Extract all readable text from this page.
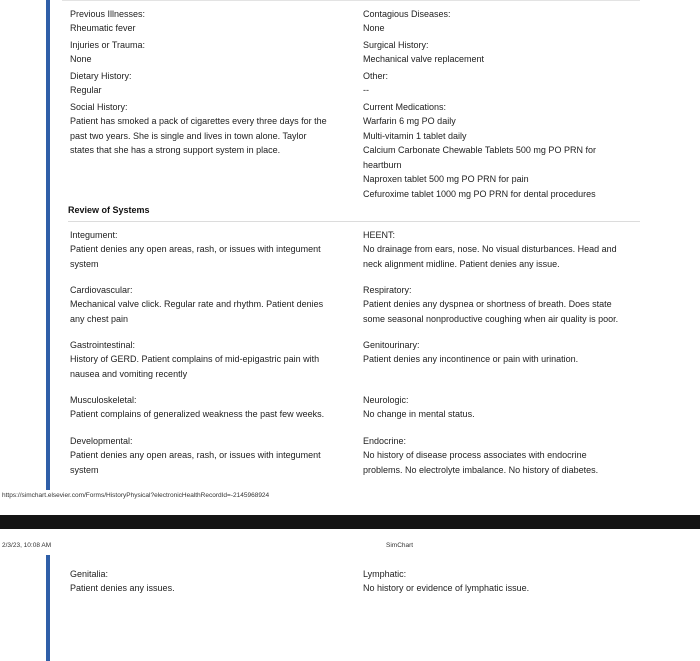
Previous Illnesses:
Rheumatic fever
Contagious Diseases:
None
Injuries or Trauma:
None
Surgical History:
Mechanical valve replacement
Dietary History:
Regular
Other:
--
Social History:
Patient has smoked a pack of cigarettes every three days for the
past two years. She is single and lives in town alone. Taylor
states that she has a strong support system in place.
Current Medications:
Warfarin 6 mg PO daily
Multi-vitamin 1 tablet daily
Calcium Carbonate Chewable Tablets 500 mg PO PRN for
heartburn
Naproxen tablet 500 mg PO PRN for pain
Cefuroxime tablet 1000 mg PO PRN for dental procedures
Review of Systems
Integument:
Patient denies any open areas, rash, or issues with integument
system
HEENT:
No drainage from ears, nose. No visual disturbances. Head and
neck alignment midline. Patient denies any issue.
Cardiovascular:
Mechanical valve click. Regular rate and rhythm. Patient denies
any chest pain
Respiratory:
Patient denies any dyspnea or shortness of breath. Does state
some seasonal nonproductive coughing when air quality is poor.
Gastrointestinal:
History of GERD. Patient complains of mid-epigastric pain with
nausea and vomiting recently
Genitourinary:
Patient denies any incontinence or pain with urination.
Musculoskeletal:
Patient complains of generalized weakness the past few weeks.
Neurologic:
No change in mental status.
Developmental:
Patient denies any open areas, rash, or issues with integument
system
Endocrine:
No history of disease process associates with endocrine
problems. No electrolyte imbalance. No history of diabetes.
https://simchart.elsevier.com/Forms/HistoryPhysical?electronicHealthRecordId=-2145968924
2/3/23, 10:08 AM	SimChart
Genitalia:
Patient denies any issues.
Lymphatic:
No history or evidence of lymphatic issue.
